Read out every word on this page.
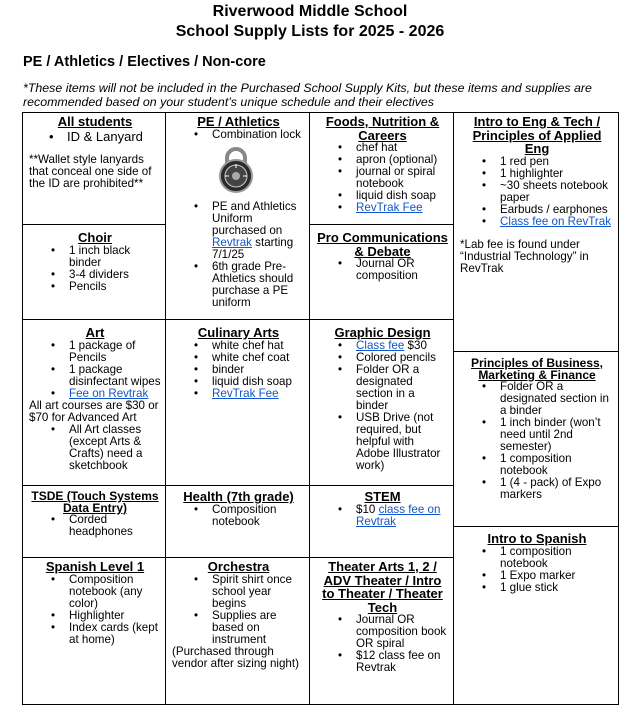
Riverwood Middle School
School Supply Lists for 2025 - 2026
PE / Athletics / Electives / Non-core
*These items will not be included in the Purchased School Supply Kits, but these items and supplies are recommended based on your student’s unique schedule and their electives
All students
• ID & Lanyard

**Wallet style lanyards that conceal one side of the ID are prohibited**

Choir
• 1 inch black binder
• 3-4 dividers
• Pencils
Art
• 1 package of Pencils
• 1 package disinfectant wipes
• Fee on Revtrak

All art courses are $30 or $70 for Advanced Art

• All Art classes (except Arts & Crafts) need a sketchbook
TSDE (Touch Systems Data Entry)
• Corded headphones
Spanish Level 1
• Composition notebook (any color)
• Highlighter
• Index cards (kept at home)
PE / Athletics
• Combination lock
• PE and Athletics Uniform purchased on Revtrak starting 7/1/25
• 6th grade Pre-Athletics should purchase a PE uniform
Culinary Arts
• white chef hat
• white chef coat
• binder
• liquid dish soap
• RevTrak Fee
Health (7th grade)
• Composition notebook
Orchestra
• Spirit shirt once school year begins
• Supplies are based on instrument

(Purchased through vendor after sizing night)

Foods, Nutrition & Careers
• chef hat
• apron (optional)
• journal or spiral notebook
• liquid dish soap
• RevTrak Fee
Pro Communications & Debate
• Journal OR composition
Graphic Design
• Class fee $30
• Colored pencils
• Folder OR a designated section in a binder
• USB Drive (not required, but helpful with Adobe Illustrator work)
STEM
• $10 class fee on Revtrak
Theater Arts 1, 2 / ADV Theater / Intro to Theater / Theater Tech
• Journal OR composition book OR spiral
• $12 class fee on Revtrak
Intro to Eng & Tech / Principles of Applied Eng
• 1 red pen
• 1 highlighter
• ~30 sheets notebook paper
• Earbuds / earphones
• Class fee on RevTrak

*Lab fee is found under “Industrial Technology” in RevTrak

Principles of Business, Marketing & Finance
• Folder OR a designated section in a binder
• 1 inch binder (won’t need until 2nd semester)
• 1 composition notebook
• 1 (4 - pack) of Expo markers
Intro to Spanish
• 1 composition notebook
• 1 Expo marker
• 1 glue stick
